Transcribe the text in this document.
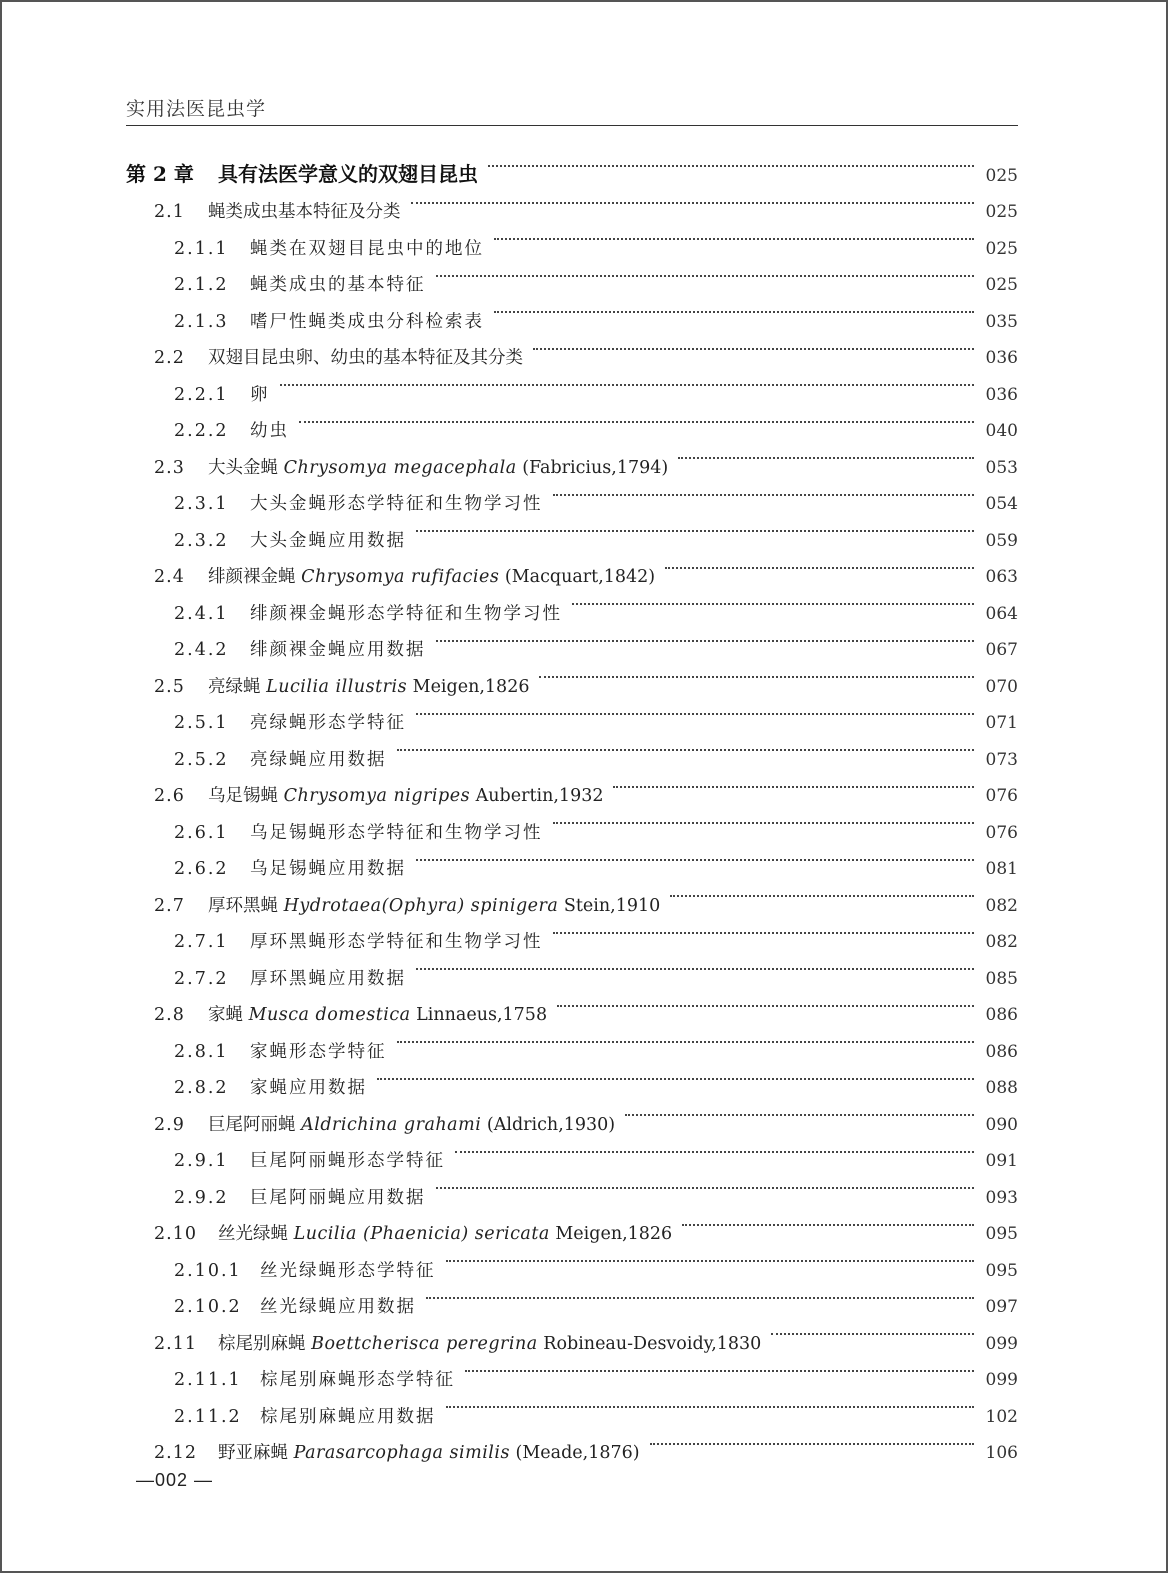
实用法医昆虫学
第 2 章	具有法医学意义的双翅目昆虫	025
2.1	蝇类成虫基本特征及分类	025
2.1.1	蝇类在双翅目昆虫中的地位	025
2.1.2	蝇类成虫的基本特征	025
2.1.3	嗜尸性蝇类成虫分科检索表	035
2.2	双翅目昆虫卵、幼虫的基本特征及其分类	036
2.2.1	卵	036
2.2.2	幼虫	040
2.3	大头金蝇 Chrysomya megacephala (Fabricius,1794)	053
2.3.1	大头金蝇形态学特征和生物学习性	054
2.3.2	大头金蝇应用数据	059
2.4	绯颜裸金蝇 Chrysomya rufifacies (Macquart,1842)	063
2.4.1	绯颜裸金蝇形态学特征和生物学习性	064
2.4.2	绯颜裸金蝇应用数据	067
2.5	亮绿蝇 Lucilia illustris Meigen,1826	070
2.5.1	亮绿蝇形态学特征	071
2.5.2	亮绿蝇应用数据	073
2.6	乌足锡蝇 Chrysomya nigripes Aubertin,1932	076
2.6.1	乌足锡蝇形态学特征和生物学习性	076
2.6.2	乌足锡蝇应用数据	081
2.7	厚环黑蝇 Hydrotaea(Ophyra) spinigera Stein,1910	082
2.7.1	厚环黑蝇形态学特征和生物学习性	082
2.7.2	厚环黑蝇应用数据	085
2.8	家蝇 Musca domestica Linnaeus,1758	086
2.8.1	家蝇形态学特征	086
2.8.2	家蝇应用数据	088
2.9	巨尾阿丽蝇 Aldrichina grahami (Aldrich,1930)	090
2.9.1	巨尾阿丽蝇形态学特征	091
2.9.2	巨尾阿丽蝇应用数据	093
2.10	丝光绿蝇 Lucilia (Phaenicia) sericata Meigen,1826	095
2.10.1	丝光绿蝇形态学特征	095
2.10.2	丝光绿蝇应用数据	097
2.11	棕尾别麻蝇 Boettcherisca peregrina Robineau-Desvoidy,1830	099
2.11.1	棕尾别麻蝇形态学特征	099
2.11.2	棕尾别麻蝇应用数据	102
2.12	野亚麻蝇 Parasarcophaga similis (Meade,1876)	106
—002 —
